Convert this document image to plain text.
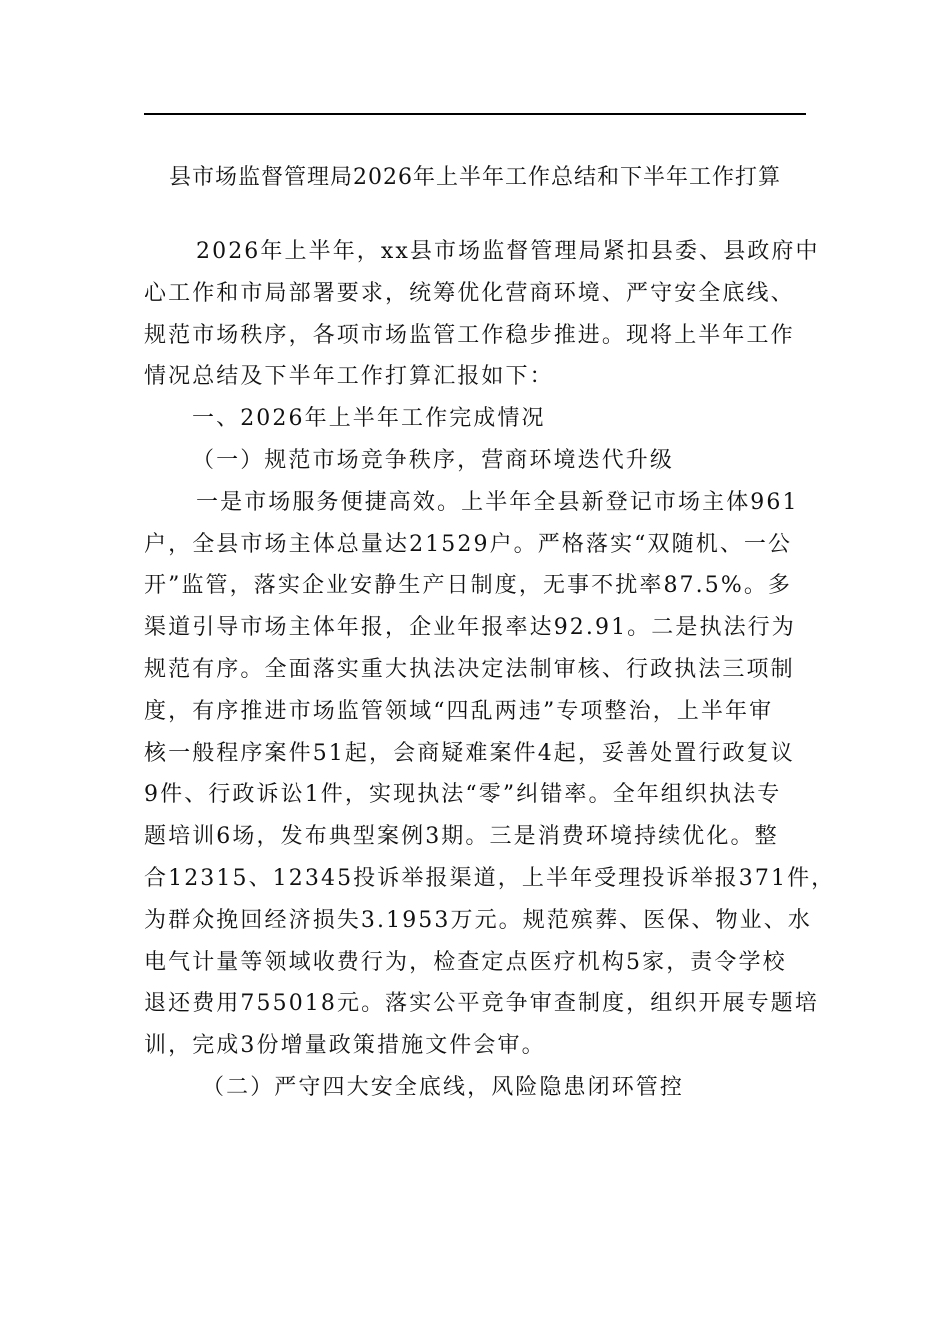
县市场监督管理局2026年上半年工作总结和下半年工作打算
2026年上半年，xx县市场监督管理局紧扣县委、县政府中
心工作和市局部署要求，统筹优化营商环境、严守安全底线、
规范市场秩序，各项市场监管工作稳步推进。现将上半年工作
情况总结及下半年工作打算汇报如下：
一、2026年上半年工作完成情况
（一）规范市场竞争秩序，营商环境迭代升级
一是市场服务便捷高效。上半年全县新登记市场主体961
户，全县市场主体总量达21529户。严格落实“双随机、一公
开”监管，落实企业安静生产日制度，无事不扰率87.5%。多
渠道引导市场主体年报，企业年报率达92.91。二是执法行为
规范有序。全面落实重大执法决定法制审核、行政执法三项制
度，有序推进市场监管领域“四乱两违”专项整治，上半年审
核一般程序案件51起，会商疑难案件4起，妥善处置行政复议
9件、行政诉讼1件，实现执法“零”纠错率。全年组织执法专
题培训6场，发布典型案例3期。三是消费环境持续优化。整
合12315、12345投诉举报渠道，上半年受理投诉举报371件，
为群众挽回经济损失3.1953万元。规范殡葬、医保、物业、水
电气计量等领域收费行为，检查定点医疗机构5家，责令学校
退还费用755018元。落实公平竞争审查制度，组织开展专题培
训，完成3份增量政策措施文件会审。
（二）严守四大安全底线，风险隐患闭环管控
